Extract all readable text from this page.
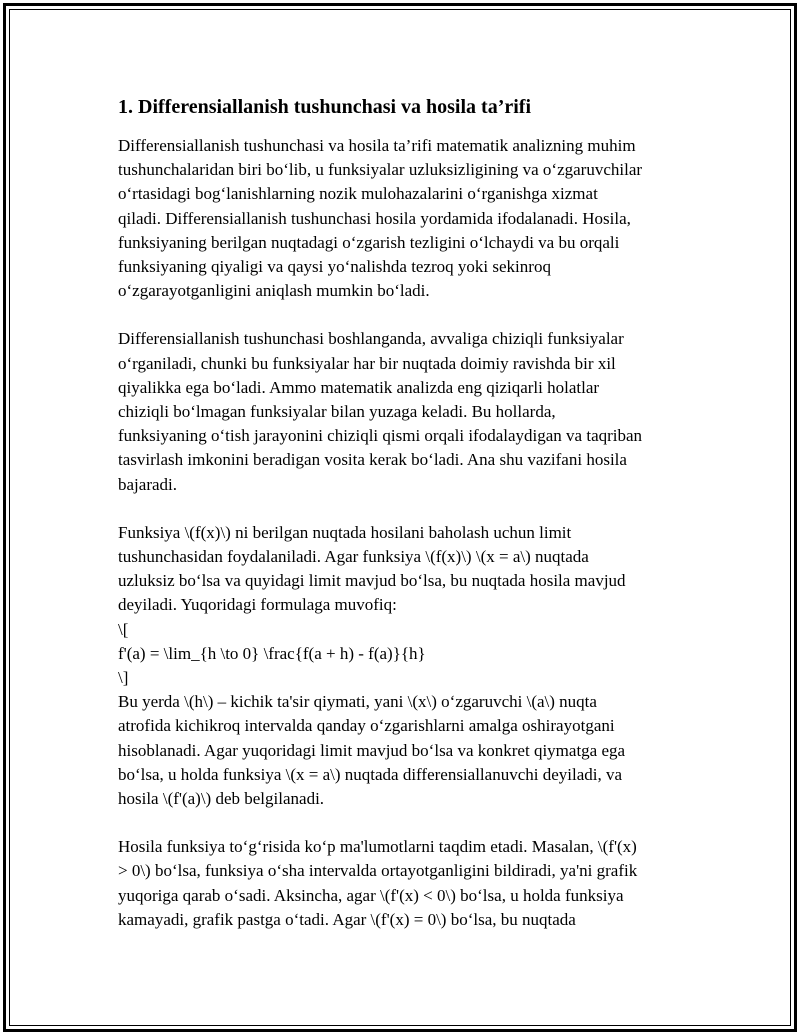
1. Differensiallanish tushunchasi va hosila ta’rifi

Differensiallanish tushunchasi va hosila ta’rifi matematik analizning muhim
tushunchalaridan biri bo‘lib, u funksiyalar uzluksizligining va o‘zgaruvchilar
o‘rtasidagi bog‘lanishlarning nozik mulohazalarini o‘rganishga xizmat
qiladi. Differensiallanish tushunchasi hosila yordamida ifodalanadi. Hosila,
funksiyaning berilgan nuqtadagi o‘zgarish tezligini o‘lchaydi va bu orqali
funksiyaning qiyaligi va qaysi yo‘nalishda tezroq yoki sekinroq
o‘zgarayotganligini aniqlash mumkin bo‘ladi.

Differensiallanish tushunchasi boshlanganda, avvaliga chiziqli funksiyalar
o‘rganiladi, chunki bu funksiyalar har bir nuqtada doimiy ravishda bir xil
qiyalikka ega bo‘ladi. Ammo matematik analizda eng qiziqarli holatlar
chiziqli bo‘lmagan funksiyalar bilan yuzaga keladi. Bu hollarda,
funksiyaning o‘tish jarayonini chiziqli qismi orqali ifodalaydigan va taqriban
tasvirlash imkonini beradigan vosita kerak bo‘ladi. Ana shu vazifani hosila
bajaradi.

Funksiya \(f(x)\) ni berilgan nuqtada hosilani baholash uchun limit
tushunchasidan foydalaniladi. Agar funksiya \(f(x)\) \(x = a\) nuqtada
uzluksiz bo‘lsa va quyidagi limit mavjud bo‘lsa, bu nuqtada hosila mavjud
deyiladi. Yuqoridagi formulaga muvofiq:
\[
f'(a) = \lim_{h \to 0} \frac{f(a + h) - f(a)}{h}
\]
Bu yerda \(h\) – kichik ta'sir qiymati, yani \(x\) o‘zgaruvchi \(a\) nuqta
atrofida kichikroq intervalda qanday o‘zgarishlarni amalga oshirayotgani
hisoblanadi. Agar yuqoridagi limit mavjud bo‘lsa va konkret qiymatga ega
bo‘lsa, u holda funksiya \(x = a\) nuqtada differensiallanuvchi deyiladi, va
hosila \(f'(a)\) deb belgilanadi.

Hosila funksiya to‘g‘risida ko‘p ma'lumotlarni taqdim etadi. Masalan, \(f'(x)
> 0\) bo‘lsa, funksiya o‘sha intervalda ortayotganligini bildiradi, ya'ni grafik
yuqoriga qarab o‘sadi. Aksincha, agar \(f'(x) < 0\) bo‘lsa, u holda funksiya
kamayadi, grafik pastga o‘tadi. Agar \(f'(x) = 0\) bo‘lsa, bu nuqtada
